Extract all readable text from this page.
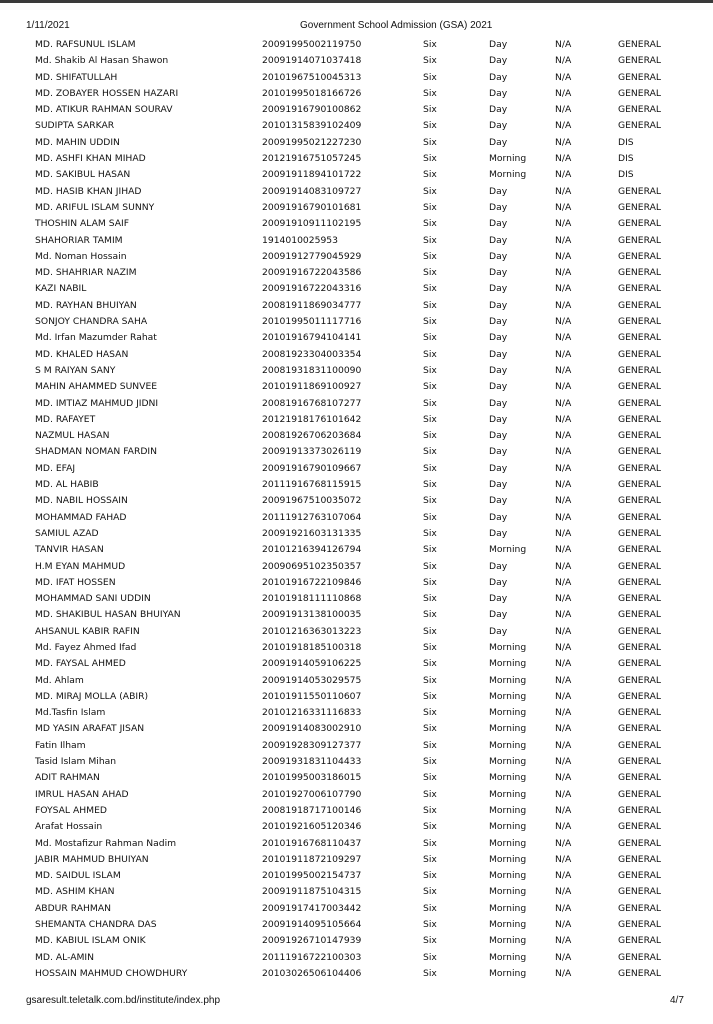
1/11/2021	Government School Admission (GSA) 2021
MD. RAFSUNUL ISLAM	20091995002119750	Six	Day	N/A	GENERAL
Md. Shakib Al Hasan Shawon	20091914071037418	Six	Day	N/A	GENERAL
MD. SHIFATULLAH	20101967510045313	Six	Day	N/A	GENERAL
MD. ZOBAYER HOSSEN HAZARI	20101995018166726	Six	Day	N/A	GENERAL
MD. ATIKUR RAHMAN SOURAV	20091916790100862	Six	Day	N/A	GENERAL
SUDIPTA SARKAR	20101315839102409	Six	Day	N/A	GENERAL
MD. MAHIN UDDIN	20091995021227230	Six	Day	N/A	DIS
MD. ASHFI KHAN MIHAD	20121916751057245	Six	Morning	N/A	DIS
MD. SAKIBUL HASAN	20091911894101722	Six	Morning	N/A	DIS
MD. HASIB KHAN JIHAD	20091914083109727	Six	Day	N/A	GENERAL
MD. ARIFUL ISLAM SUNNY	20091916790101681	Six	Day	N/A	GENERAL
THOSHIN ALAM SAIF	20091910911102195	Six	Day	N/A	GENERAL
SHAHORIAR TAMIM	1914010025953	Six	Day	N/A	GENERAL
Md. Noman Hossain	20091912779045929	Six	Day	N/A	GENERAL
MD. SHAHRIAR NAZIM	20091916722043586	Six	Day	N/A	GENERAL
KAZI NABIL	20091916722043316	Six	Day	N/A	GENERAL
MD. RAYHAN BHUIYAN	20081911869034777	Six	Day	N/A	GENERAL
SONJOY CHANDRA SAHA	20101995011117716	Six	Day	N/A	GENERAL
Md. Irfan Mazumder Rahat	20101916794104141	Six	Day	N/A	GENERAL
MD. KHALED HASAN	20081923304003354	Six	Day	N/A	GENERAL
S M RAIYAN SANY	20081931831100090	Six	Day	N/A	GENERAL
MAHIN AHAMMED SUNVEE	20101911869100927	Six	Day	N/A	GENERAL
MD. IMTIAZ MAHMUD JIDNI	20081916768107277	Six	Day	N/A	GENERAL
MD. RAFAYET	20121918176101642	Six	Day	N/A	GENERAL
NAZMUL HASAN	20081926706203684	Six	Day	N/A	GENERAL
SHADMAN NOMAN FARDIN	20091913373026119	Six	Day	N/A	GENERAL
MD. EFAJ	20091916790109667	Six	Day	N/A	GENERAL
MD. AL HABIB	20111916768115915	Six	Day	N/A	GENERAL
MD. NABIL HOSSAIN	20091967510035072	Six	Day	N/A	GENERAL
MOHAMMAD FAHAD	20111912763107064	Six	Day	N/A	GENERAL
SAMIUL AZAD	20091921603131335	Six	Day	N/A	GENERAL
TANVIR HASAN	20101216394126794	Six	Morning	N/A	GENERAL
H.M EYAN MAHMUD	20090695102350357	Six	Day	N/A	GENERAL
MD. IFAT HOSSEN	20101916722109846	Six	Day	N/A	GENERAL
MOHAMMAD SANI UDDIN	20101918111110868	Six	Day	N/A	GENERAL
MD. SHAKIBUL HASAN BHUIYAN	20091913138100035	Six	Day	N/A	GENERAL
AHSANUL KABIR RAFIN	20101216363013223	Six	Day	N/A	GENERAL
Md. Fayez Ahmed Ifad	20101918185100318	Six	Morning	N/A	GENERAL
MD. FAYSAL AHMED	20091914059106225	Six	Morning	N/A	GENERAL
Md. Ahlam	20091914053029575	Six	Morning	N/A	GENERAL
MD. MIRAJ MOLLA (ABIR)	20101911550110607	Six	Morning	N/A	GENERAL
Md.Tasfin Islam	20101216331116833	Six	Morning	N/A	GENERAL
MD YASIN ARAFAT JISAN	20091914083002910	Six	Morning	N/A	GENERAL
Fatin Ilham	20091928309127377	Six	Morning	N/A	GENERAL
Tasid Islam Mihan	20091931831104433	Six	Morning	N/A	GENERAL
ADIT RAHMAN	20101995003186015	Six	Morning	N/A	GENERAL
IMRUL HASAN AHAD	20101927006107790	Six	Morning	N/A	GENERAL
FOYSAL AHMED	20081918717100146	Six	Morning	N/A	GENERAL
Arafat Hossain	20101921605120346	Six	Morning	N/A	GENERAL
Md. Mostafizur Rahman Nadim	20101916768110437	Six	Morning	N/A	GENERAL
JABIR MAHMUD BHUIYAN	20101911872109297	Six	Morning	N/A	GENERAL
MD. SAIDUL ISLAM	20101995002154737	Six	Morning	N/A	GENERAL
MD. ASHIM KHAN	20091911875104315	Six	Morning	N/A	GENERAL
ABDUR RAHMAN	20091917417003442	Six	Morning	N/A	GENERAL
SHEMANTA CHANDRA DAS	20091914095105664	Six	Morning	N/A	GENERAL
MD. KABIUL ISLAM ONIK	20091926710147939	Six	Morning	N/A	GENERAL
MD. AL-AMIN	20111916722100303	Six	Morning	N/A	GENERAL
HOSSAIN MAHMUD CHOWDHURY	20103026506104406	Six	Morning	N/A	GENERAL
gsaresult.teletalk.com.bd/institute/index.php	4/7
